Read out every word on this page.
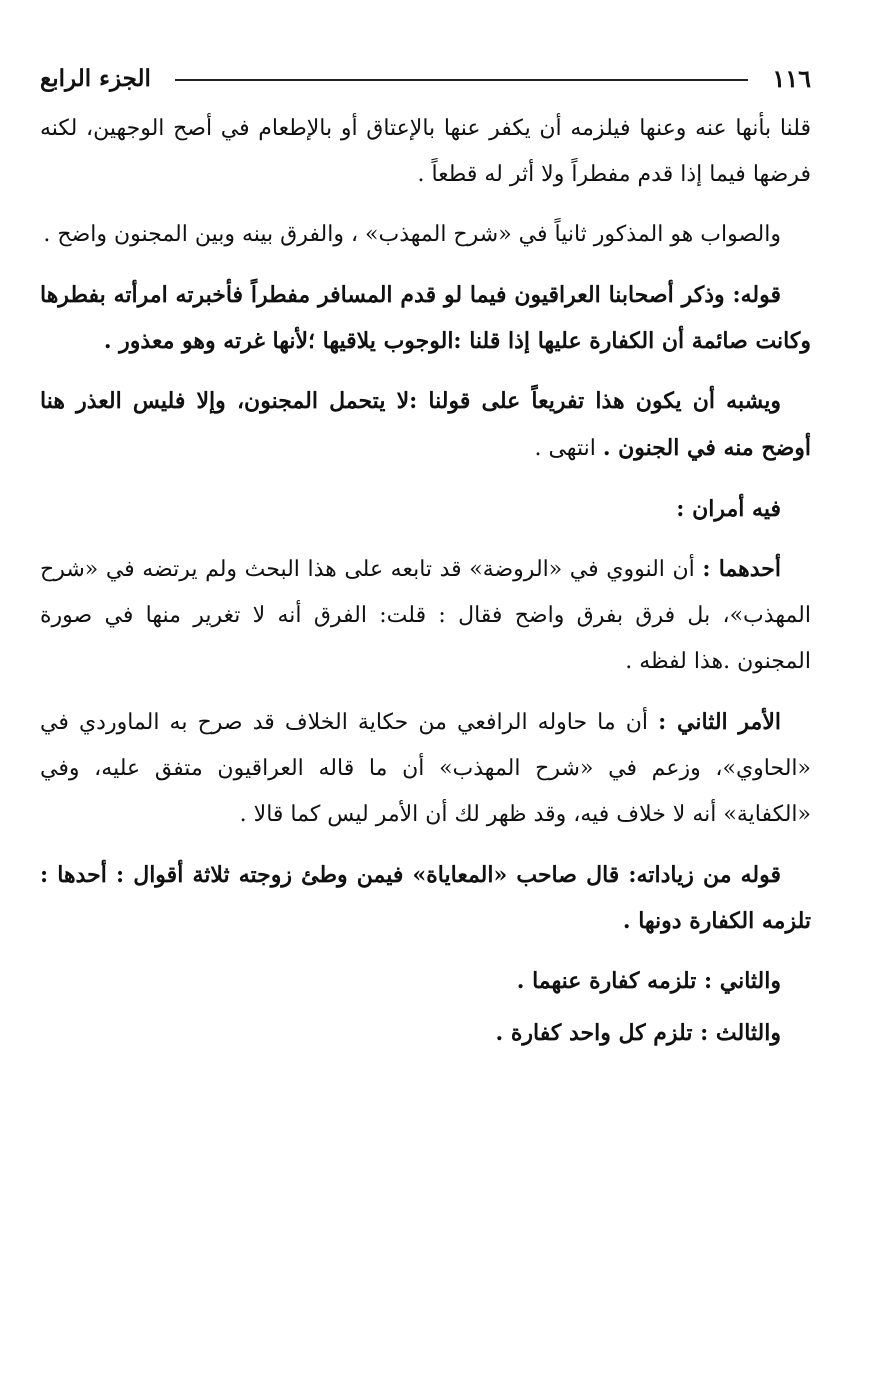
١١٦
الجزء الرابع

قلنا بأنها عنه وعنها فيلزمه أن يكفر عنها بالإعتاق أو بالإطعام في أصح الوجهين، لكنه فرضها فيما إذا قدم مفطراً ولا أثر له قطعاً .

والصواب هو المذكور ثانياً في «شرح المهذب» ، والفرق بينه وبين المجنون واضح .

قوله: وذكر أصحابنا العراقيون فيما لو قدم المسافر مفطراً فأخبرته امرأته بفطرها وكانت صائمة أن الكفارة عليها إذا قلنا :الوجوب يلاقيها ؛لأنها غرته وهو معذور .

ويشبه أن يكون هذا تفريعاً على قولنا :لا يتحمل المجنون، وإلا فليس العذر هنا أوضح منه في الجنون . انتهى .

فيه أمران :

أحدهما : أن النووي في «الروضة» قد تابعه على هذا البحث ولم يرتضه في «شرح المهذب»، بل فرق بفرق واضح فقال : قلت: الفرق أنه لا تغرير منها في صورة المجنون .هذا لفظه .

الأمر الثاني : أن ما حاوله الرافعي من حكاية الخلاف قد صرح به الماوردي في «الحاوي»، وزعم في «شرح المهذب» أن ما قاله العراقيون متفق عليه، وفي «الكفاية» أنه لا خلاف فيه، وقد ظهر لك أن الأمر ليس كما قالا .

قوله من زياداته: قال صاحب «المعاياة» فيمن وطئ زوجته ثلاثة أقوال : أحدها : تلزمه الكفارة دونها .

والثاني : تلزمه كفارة عنهما .
والثالث : تلزم كل واحد كفارة .
